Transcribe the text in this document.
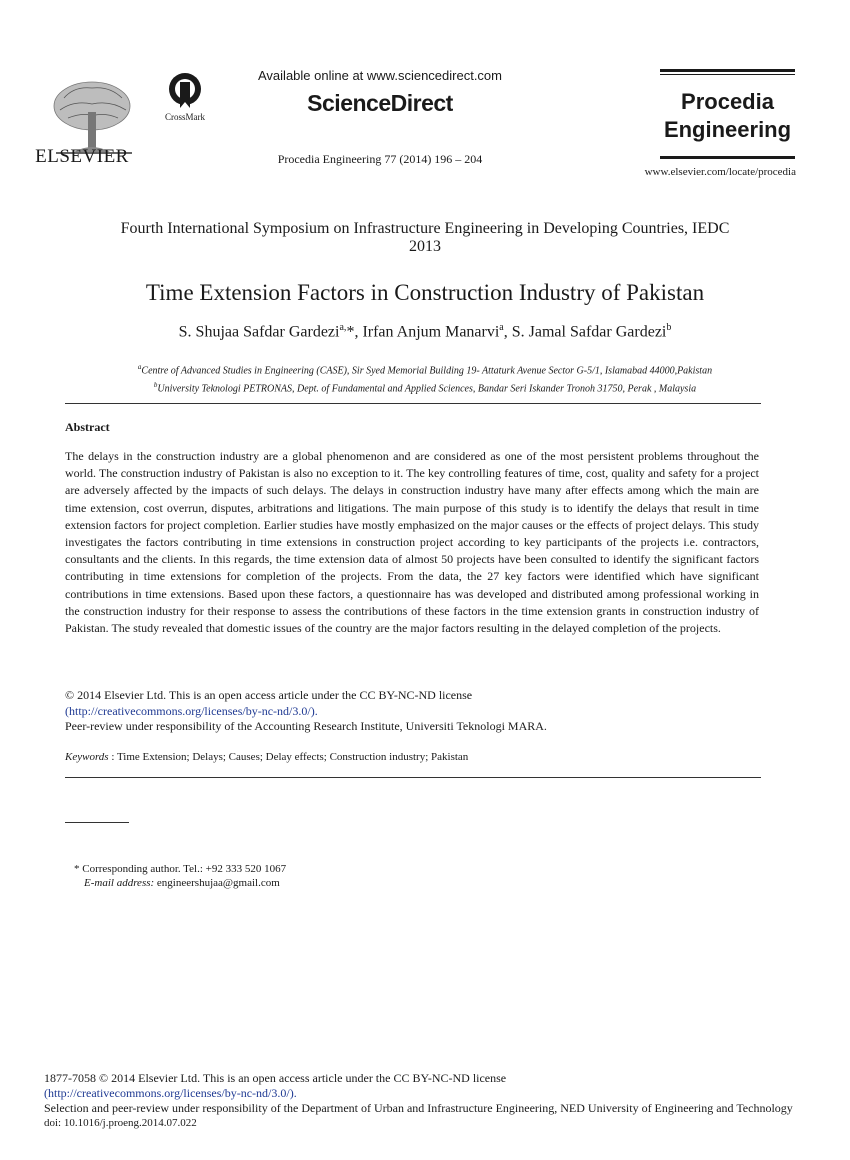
ELSEVIER
CrossMark
Available online at www.sciencedirect.com
ScienceDirect
Procedia Engineering 77 (2014) 196 – 204
Procedia
Engineering
www.elsevier.com/locate/procedia
Fourth International Symposium on Infrastructure Engineering in Developing Countries, IEDC
2013
Time Extension Factors in Construction Industry of Pakistan
S. Shujaa Safdar Gardezi$^{a,}$*, Irfan Anjum Manarvi$^a$, S. Jamal Safdar Gardezi$^b$
$^a$Centre of Advanced Studies in Engineering (CASE), Sir Syed Memorial Building 19- Attaturk Avenue Sector G-5/1, Islamabad 44000,Pakistan
$^b$University Teknologi PETRONAS, Dept. of Fundamental and Applied Sciences, Bandar Seri Iskander Tronoh 31750, Perak , Malaysia
Abstract
The delays in the construction industry are a global phenomenon and are considered as one of the most persistent problems throughout the world. The construction industry of Pakistan is also no exception to it. The key controlling features of time, cost, quality and safety for a project are adversely affected by the impacts of such delays. The delays in construction industry have many after effects among which the main are time extension, cost overrun, disputes, arbitrations and litigations. The main purpose of this study is to identify the delays that result in time extension factors for project completion. Earlier studies have mostly emphasized on the major causes or the effects of project delays. This study investigates the factors contributing in time extensions in construction project according to key participants of the projects i.e. contractors, consultants and the clients. In this regards, the time extension data of almost 50 projects have been consulted to identify the significant factors contributing in time extensions for completion of the projects. From the data, the 27 key factors were identified which have significant contributions in time extensions. Based upon these factors, a questionnaire has was developed and distributed among professional working in the construction industry for their response to assess the contributions of these factors in the time extension grants in construction industry of Pakistan. The study revealed that domestic issues of the country are the major factors resulting in the delayed completion of the projects.
© 2014 Elsevier Ltd. This is an open access article under the CC BY-NC-ND license
(http://creativecommons.org/licenses/by-nc-nd/3.0/).
Peer-review under responsibility of the Accounting Research Institute, Universiti Teknologi MARA.
Keywords : Time Extension; Delays; Causes; Delay effects; Construction industry; Pakistan
* Corresponding author. Tel.: +92 333 520 1067
E-mail address: engineershujaa@gmail.com
1877-7058 © 2014 Elsevier Ltd. This is an open access article under the CC BY-NC-ND license
(http://creativecommons.org/licenses/by-nc-nd/3.0/).
Selection and peer-review under responsibility of the Department of Urban and Infrastructure Engineering, NED University of Engineering and Technology
doi: 10.1016/j.proeng.2014.07.022
